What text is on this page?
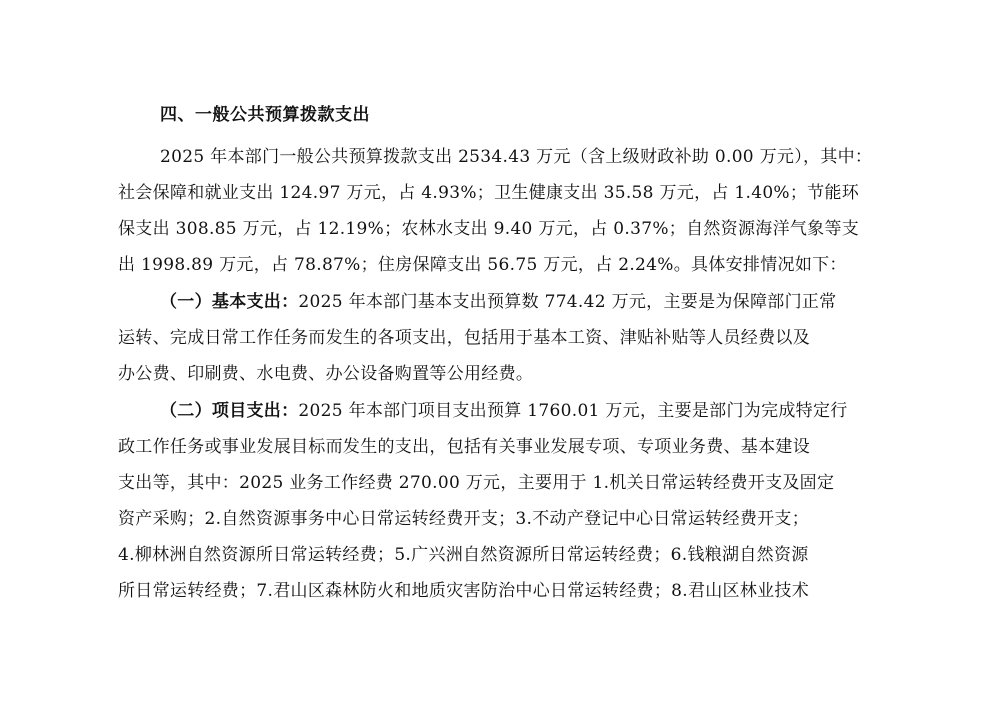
四、一般公共预算拨款支出
2025 年本部门一般公共预算拨款支出 2534.43 万元（含上级财政补助 0.00 万元），其中：
社会保障和就业支出 124.97 万元，占 4.93%；卫生健康支出 35.58 万元，占 1.40%；节能环
保支出 308.85 万元，占 12.19%；农林水支出 9.40 万元，占 0.37%；自然资源海洋气象等支
出 1998.89 万元，占 78.87%；住房保障支出 56.75 万元，占 2.24%。具体安排情况如下：
（一）基本支出：2025 年本部门基本支出预算数 774.42 万元，主要是为保障部门正常
运转、完成日常工作任务而发生的各项支出，包括用于基本工资、津贴补贴等人员经费以及
办公费、印刷费、水电费、办公设备购置等公用经费。
（二）项目支出：2025 年本部门项目支出预算 1760.01 万元，主要是部门为完成特定行
政工作任务或事业发展目标而发生的支出，包括有关事业发展专项、专项业务费、基本建设
支出等，其中：2025 业务工作经费 270.00 万元，主要用于 1.机关日常运转经费开支及固定
资产采购；2.自然资源事务中心日常运转经费开支；3.不动产登记中心日常运转经费开支；
4.柳林洲自然资源所日常运转经费；5.广兴洲自然资源所日常运转经费；6.钱粮湖自然资源
所日常运转经费；7.君山区森林防火和地质灾害防治中心日常运转经费；8.君山区林业技术
